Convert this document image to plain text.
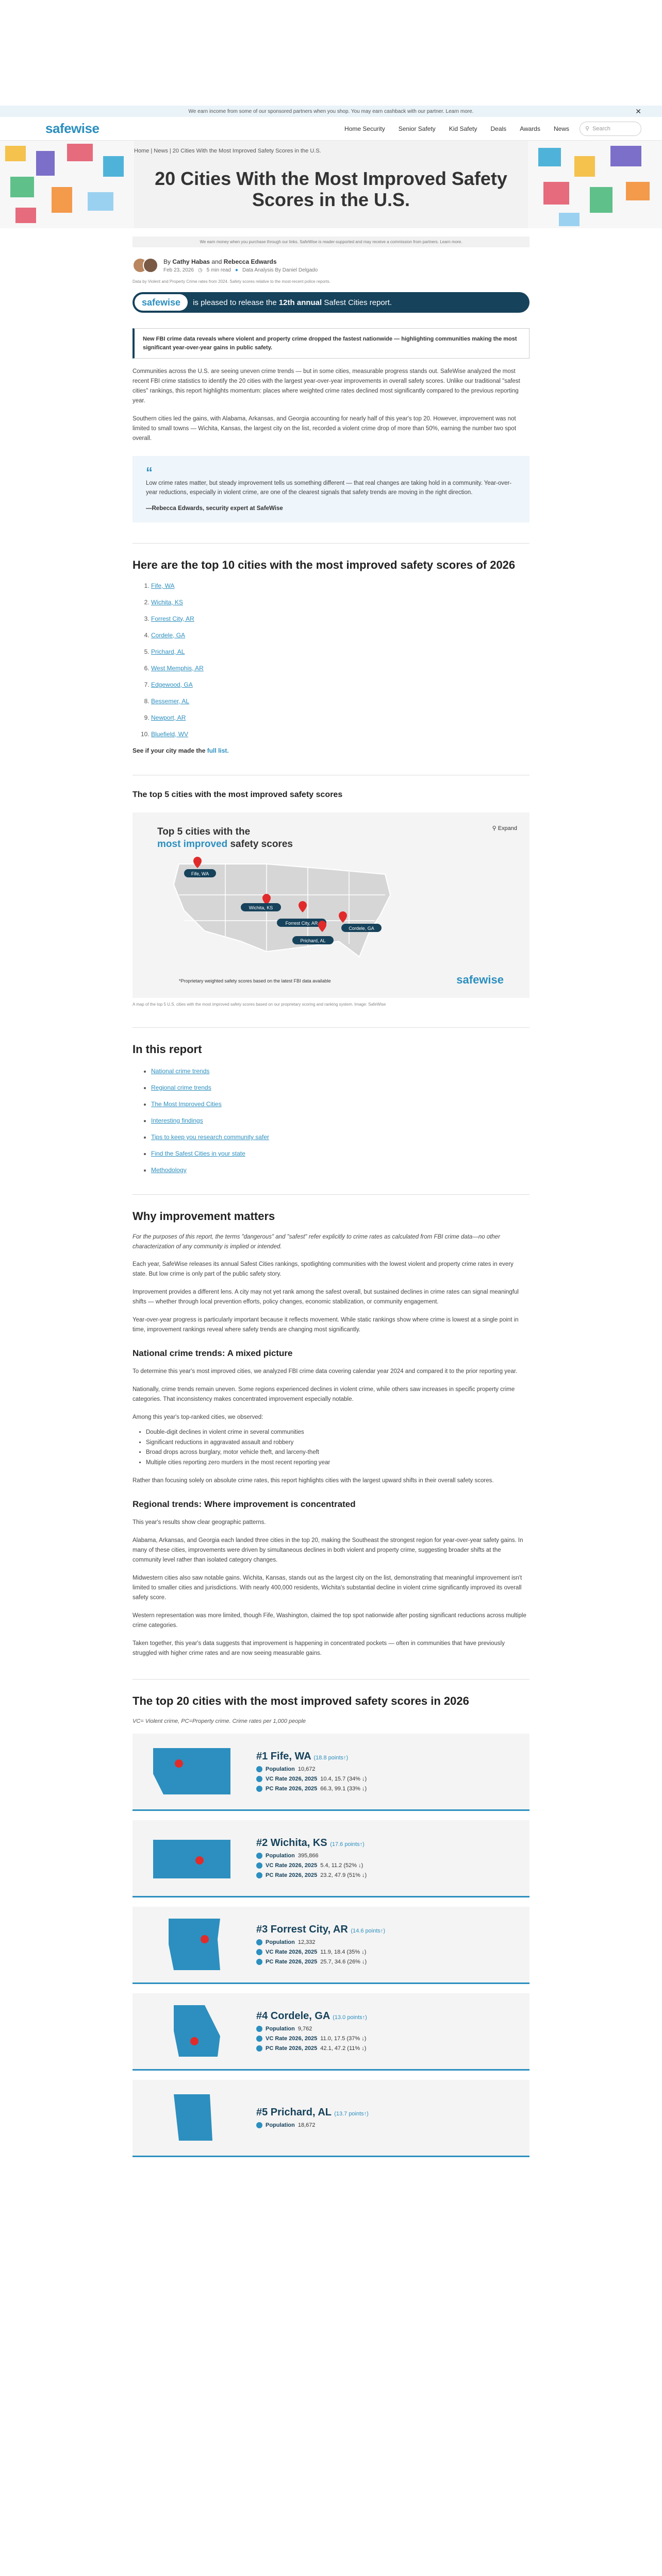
We earn income from some of our sponsored partners when you shop. You may earn cashback with our partner. Learn more.	✕
safewise	Home Security Senior Safety Kid Safety Deals Awards News	⚲ Search
Home | News | 20 Cities With the Most Improved Safety Scores in the U.S.
20 Cities With the Most Improved Safety Scores in the U.S.
We earn money when you purchase through our links. SafeWise is reader-supported and may receive a commission from partners. Learn more.
By Cathy Habas and Rebecca Edwards
Feb 23, 2026 ◷ 5 min read ● Data Analysis By Daniel Delgado
Data by Violent and Property Crime rates from 2024. Safety scores relative to the most-recent police reports.
safewise	is pleased to release the 12th annual Safest Cities report.
New FBI crime data reveals where violent and property crime dropped the fastest nationwide — highlighting communities making the most significant year-over-year gains in public safety.

Communities across the U.S. are seeing uneven crime trends — but in some cities, measurable progress stands out. SafeWise analyzed the most recent FBI crime statistics to identify the 20 cities with the largest year-over-year improvements in overall safety scores. Unlike our traditional "safest cities" rankings, this report highlights momentum: places where weighted crime rates declined most significantly compared to the previous reporting year.

Southern cities led the gains, with Alabama, Arkansas, and Georgia accounting for nearly half of this year's top 20. However, improvement was not limited to small towns — Wichita, Kansas, the largest city on the list, recorded a violent crime drop of more than 50%, earning the number two spot overall.

“
Low crime rates matter, but steady improvement tells us something different — that real changes are taking hold in a community. Year-over-year reductions, especially in violent crime, are one of the clearest signals that safety trends are moving in the right direction.
—Rebecca Edwards, security expert at SafeWise
Here are the top 10 cities with the most improved safety scores of 2026
1. Fife, WA
2. Wichita, KS
3. Forrest City, AR
4. Cordele, GA
5. Prichard, AL
6. West Memphis, AR
7. Edgewood, GA
8. Bessemer, AL
9. Newport, AR
10. Bluefield, WV
See if your city made the full list.
The top 5 cities with the most improved safety scores
Top 5 cities with the
most improved safety scores
⚲ Expand
Fife, WA
Wichita, KS
Forrest City, AR
Cordele, GA
Prichard, AL
*Proprietary weighted safety scores based on the latest FBI data available	safewise
A map of the top 5 U.S. cities with the most improved safety scores based on our proprietary scoring and ranking system. Image: SafeWise
In this report
• National crime trends
• Regional crime trends
• The Most Improved Cities
• Interesting findings
• Tips to keep you research community safer
• Find the Safest Cities in your state
• Methodology
Why improvement matters

For the purposes of this report, the terms "dangerous" and "safest" refer explicitly to crime rates as calculated from FBI crime data—no other characterization of any community is implied or intended.

Each year, SafeWise releases its annual Safest Cities rankings, spotlighting communities with the lowest violent and property crime rates in every state. But low crime is only part of the public safety story.

Improvement provides a different lens. A city may not yet rank among the safest overall, but sustained declines in crime rates can signal meaningful shifts — whether through local prevention efforts, policy changes, economic stabilization, or community engagement.

Year-over-year progress is particularly important because it reflects movement. While static rankings show where crime is lowest at a single point in time, improvement rankings reveal where safety trends are changing most significantly.

National crime trends: A mixed picture

To determine this year's most improved cities, we analyzed FBI crime data covering calendar year 2024 and compared it to the prior reporting year.

Nationally, crime trends remain uneven. Some regions experienced declines in violent crime, while others saw increases in specific property crime categories. That inconsistency makes concentrated improvement especially notable.

Among this year's top-ranked cities, we observed:

• Double-digit declines in violent crime in several communities
• Significant reductions in aggravated assault and robbery
• Broad drops across burglary, motor vehicle theft, and larceny-theft
• Multiple cities reporting zero murders in the most recent reporting year

Rather than focusing solely on absolute crime rates, this report highlights cities with the largest upward shifts in their overall safety scores.

Regional trends: Where improvement is concentrated

This year's results show clear geographic patterns.

Alabama, Arkansas, and Georgia each landed three cities in the top 20, making the Southeast the strongest region for year-over-year safety gains. In many of these cities, improvements were driven by simultaneous declines in both violent and property crime, suggesting broader shifts at the community level rather than isolated category changes.

Midwestern cities also saw notable gains. Wichita, Kansas, stands out as the largest city on the list, demonstrating that meaningful improvement isn't limited to smaller cities and jurisdictions. With nearly 400,000 residents, Wichita's substantial decline in violent crime significantly improved its overall safety score.

Western representation was more limited, though Fife, Washington, claimed the top spot nationwide after posting significant reductions across multiple crime categories.

Taken together, this year's data suggests that improvement is happening in concentrated pockets — often in communities that have previously struggled with higher crime rates and are now seeing measurable gains.

The top 20 cities with the most improved safety scores in 2026
VC= Violent crime, PC=Property crime. Crime rates per 1,000 people
#1 Fife, WA (18.8 points↑)
Population 10,672
VC Rate 2026, 2025 10.4, 15.7 (34% ↓)
PC Rate 2026, 2025 66.3, 99.1 (33% ↓)
#2 Wichita, KS (17.6 points↑)
Population 395,866
VC Rate 2026, 2025 5.4, 11.2 (52% ↓)
PC Rate 2026, 2025 23.2, 47.9 (51% ↓)
#3 Forrest City, AR (14.6 points↑)
Population 12,332
VC Rate 2026, 2025 11.9, 18.4 (35% ↓)
PC Rate 2026, 2025 25.7, 34.6 (26% ↓)
#4 Cordele, GA (13.0 points↑)
Population 9,762
VC Rate 2026, 2025 11.0, 17.5 (37% ↓)
PC Rate 2026, 2025 42.1, 47.2 (11% ↓)
#5 Prichard, AL (13.7 points↑)
Population 18,672
